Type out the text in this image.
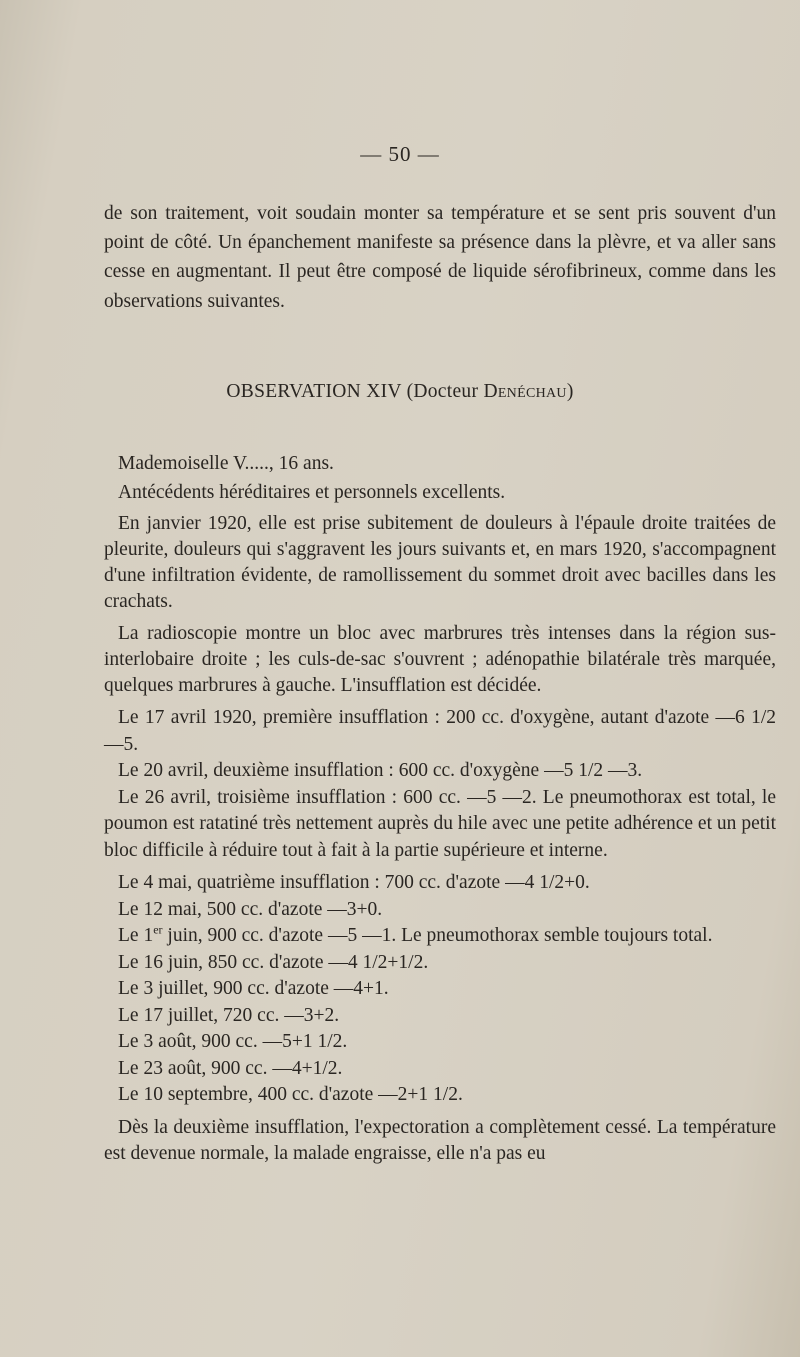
— 50 —

de son traitement, voit soudain monter sa température et se sent pris souvent d'un point de côté. Un épanchement manifeste sa présence dans la plèvre, et va aller sans cesse en augmentant. Il peut être composé de liquide sérofibrineux, comme dans les observations suivantes.

OBSERVATION XIV (Docteur Denéchau)

Mademoiselle V....., 16 ans.

Antécédents héréditaires et personnels excellents.

En janvier 1920, elle est prise subitement de douleurs à l'épaule droite traitées de pleurite, douleurs qui s'aggravent les jours suivants et, en mars 1920, s'accompagnent d'une infiltration évidente, de ramollissement du sommet droit avec bacilles dans les crachats.

La radioscopie montre un bloc avec marbrures très intenses dans la région sus-interlobaire droite ; les culs-de-sac s'ouvrent ; adénopathie bilatérale très marquée, quelques marbrures à gauche. L'insufflation est décidée.

Le 17 avril 1920, première insufflation : 200 cc. d'oxygène, autant d'azote —6 1/2 —5.

Le 20 avril, deuxième insufflation : 600 cc. d'oxygène —5 1/2 —3.

Le 26 avril, troisième insufflation : 600 cc. —5 —2. Le pneumothorax est total, le poumon est ratatiné très nettement auprès du hile avec une petite adhérence et un petit bloc difficile à réduire tout à fait à la partie supérieure et interne.

Le 4 mai, quatrième insufflation : 700 cc. d'azote —4 1/2+0.

Le 12 mai, 500 cc. d'azote —3+0.

Le 1er juin, 900 cc. d'azote —5 —1. Le pneumothorax semble toujours total.

Le 16 juin, 850 cc. d'azote —4 1/2+1/2.

Le 3 juillet, 900 cc. d'azote —4+1.

Le 17 juillet, 720 cc. —3+2.

Le 3 août, 900 cc. —5+1 1/2.

Le 23 août, 900 cc. —4+1/2.

Le 10 septembre, 400 cc. d'azote —2+1 1/2.

Dès la deuxième insufflation, l'expectoration a complètement cessé. La température est devenue normale, la malade engraisse, elle n'a pas eu
